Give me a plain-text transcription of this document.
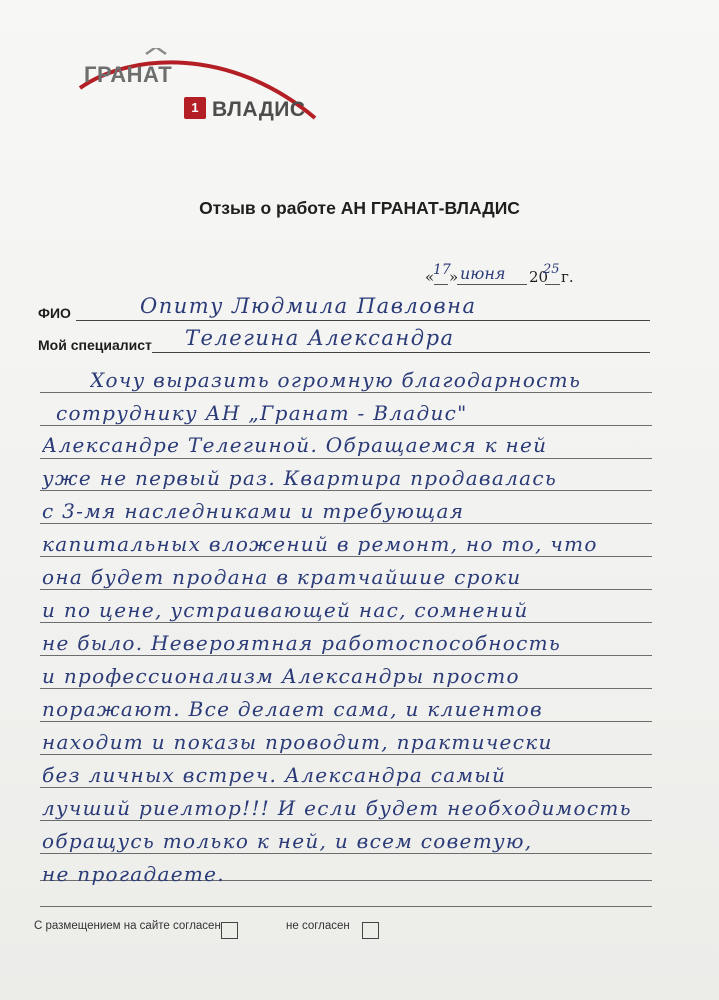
ГРАНАТ
1 ВЛАДИС
Отзыв о работе АН ГРАНАТ-ВЛАДИС
«
17
» июня 20
25 г.
ФИО	Опиту Людмила Павловна
Мой специалист Телегина Александра
Хочу выразить огромную благодарность
сотруднику АН „Гранат - Владис"
Александре Телегиной. Обращаемся к ней
уже не первый раз. Квартира продавалась
с 3-мя наследниками и требующая
капитальных вложений в ремонт, но то, что
она будет продана в кратчайшие сроки
и по цене, устраивающей нас, сомнений
не было. Невероятная работоспособность
и профессионализм Александры просто
поражают. Все делает сама, и клиентов
находит и показы проводит, практически
без личных встреч. Александра самый
лучший риелтор!!! И если будет необходимость
обращусь только к ней, и всем советую,
не прогадаете.
С размещением на сайте согласен	не согласен
